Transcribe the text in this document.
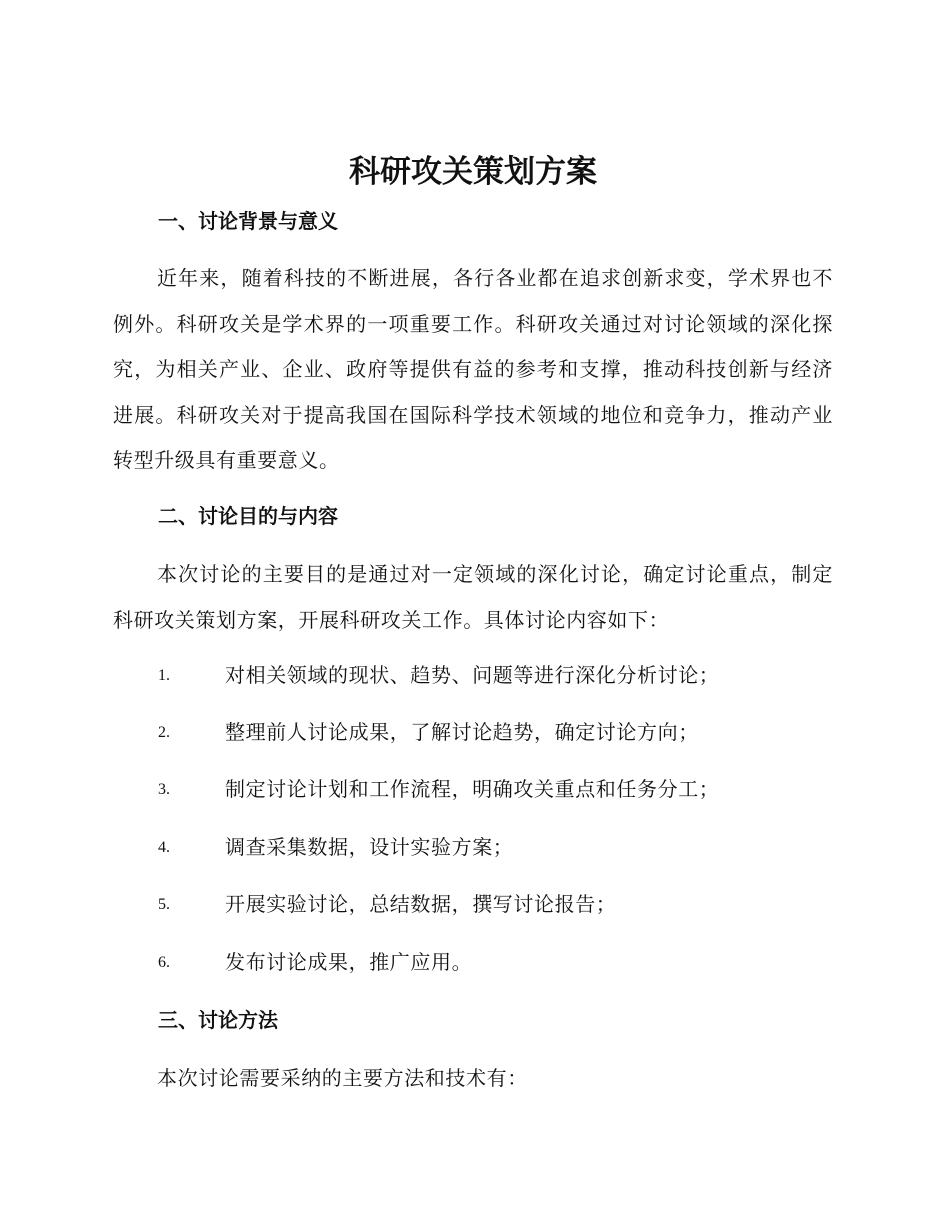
科研攻关策划方案
一、讨论背景与意义
近年来，随着科技的不断进展，各行各业都在追求创新求变，学术界也不例外。科研攻关是学术界的一项重要工作。科研攻关通过对讨论领域的深化探究，为相关产业、企业、政府等提供有益的参考和支撑，推动科技创新与经济进展。科研攻关对于提高我国在国际科学技术领域的地位和竞争力，推动产业转型升级具有重要意义。
二、讨论目的与内容
本次讨论的主要目的是通过对一定领域的深化讨论，确定讨论重点，制定科研攻关策划方案，开展科研攻关工作。具体讨论内容如下：
1.	对相关领域的现状、趋势、问题等进行深化分析讨论；
2.	整理前人讨论成果，了解讨论趋势，确定讨论方向；
3.	制定讨论计划和工作流程，明确攻关重点和任务分工；
4.	调查采集数据，设计实验方案；
5.	开展实验讨论，总结数据，撰写讨论报告；
6.	发布讨论成果，推广应用。
三、讨论方法
本次讨论需要采纳的主要方法和技术有：
